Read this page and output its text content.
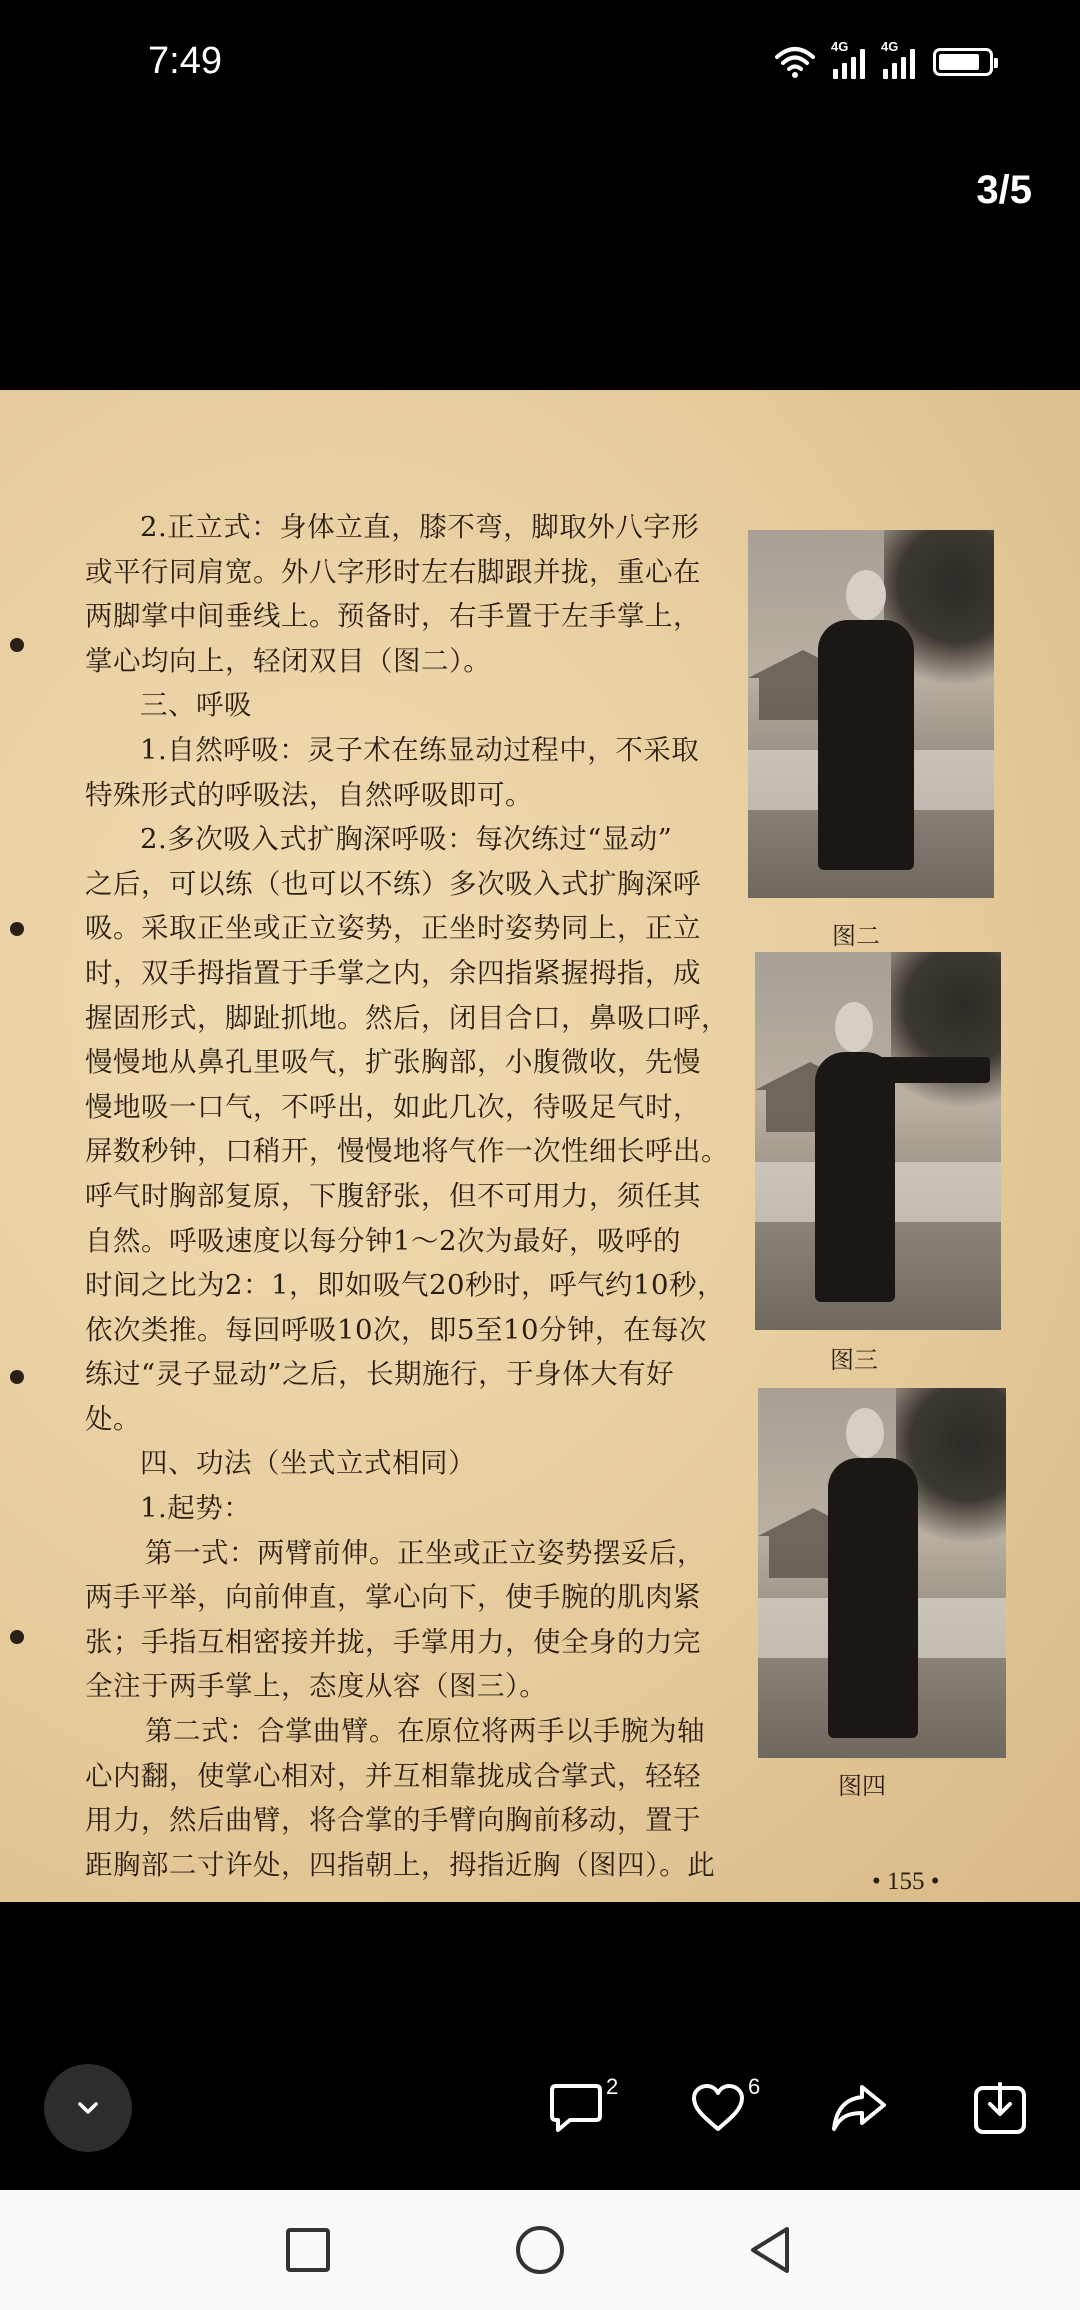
7:49	4G	4G
3/5

2.正立式：身体立直，膝不弯，脚取外八字形

或平行同肩宽。外八字形时左右脚跟并拢，重心在

两脚掌中间垂线上。预备时，右手置于左手掌上，

掌心均向上，轻闭双目（图二）。

三、呼吸

1.自然呼吸：灵子术在练显动过程中，不采取

特殊形式的呼吸法，自然呼吸即可。

2.多次吸入式扩胸深呼吸：每次练过“显动”

之后，可以练（也可以不练）多次吸入式扩胸深呼

吸。采取正坐或正立姿势，正坐时姿势同上，正立

时，双手拇指置于手掌之内，余四指紧握拇指，成

握固形式，脚趾抓地。然后，闭目合口，鼻吸口呼，

慢慢地从鼻孔里吸气，扩张胸部，小腹微收，先慢

慢地吸一口气，不呼出，如此几次，待吸足气时，

屏数秒钟，口稍开，慢慢地将气作一次性细长呼出。

呼气时胸部复原，下腹舒张，但不可用力，须任其

自然。呼吸速度以每分钟1～2次为最好，吸呼的

时间之比为2：1，即如吸气20秒时，呼气约10秒，

依次类推。每回呼吸10次，即5至10分钟，在每次

练过“灵子显动”之后，长期施行，于身体大有好

处。

四、功法（坐式立式相同）

1.起势：

第一式：两臂前伸。正坐或正立姿势摆妥后，

两手平举，向前伸直，掌心向下，使手腕的肌肉紧

张；手指互相密接并拢，手掌用力，使全身的力完

全注于两手掌上，态度从容（图三）。

第二式：合掌曲臂。在原位将两手以手腕为轴

心内翻，使掌心相对，并互相靠拢成合掌式，轻轻

用力，然后曲臂，将合掌的手臂向胸前移动，置于

距胸部二寸许处，四指朝上，拇指近胸（图四）。此

图二
图三
图四
• 155 •
2	6
